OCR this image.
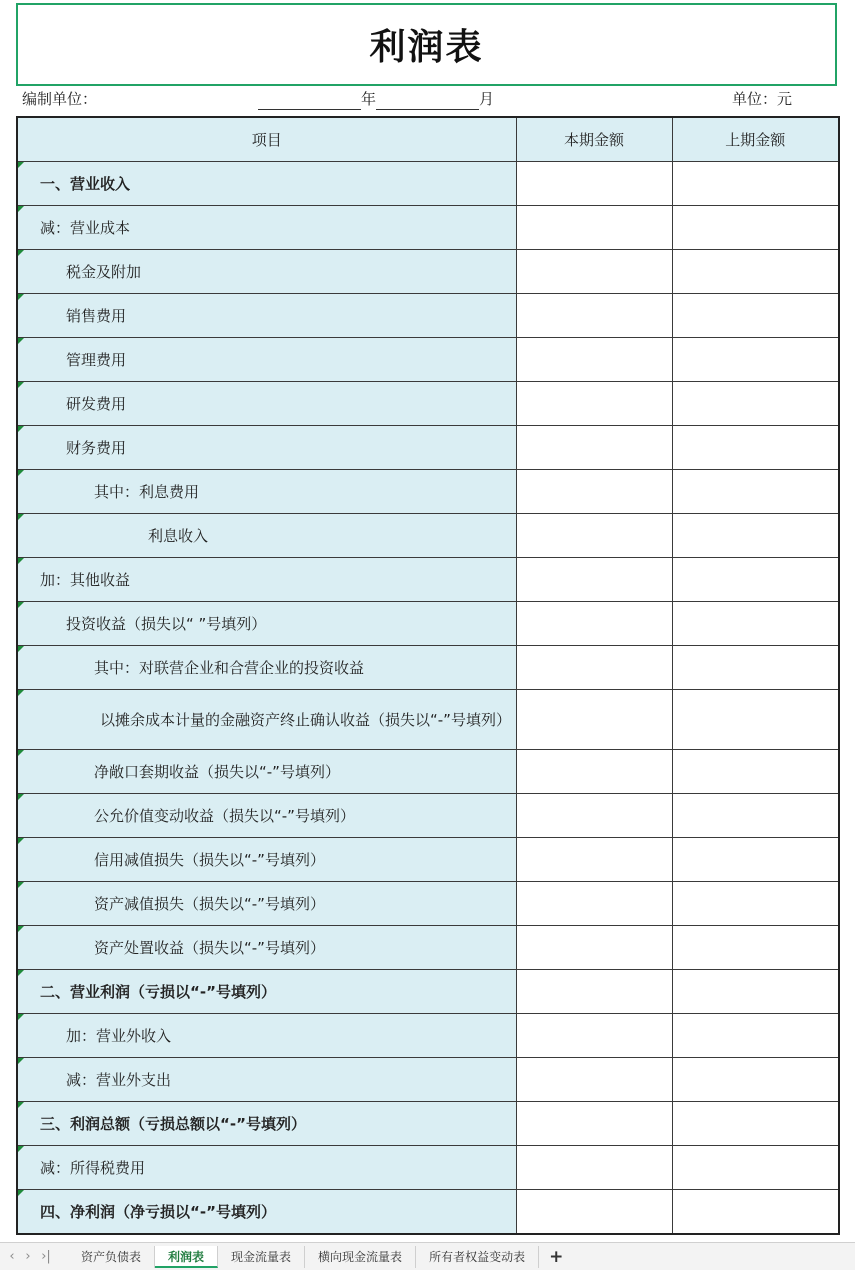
利润表
编制单位：	年	月	单位：元
项目	本期金额	上期金额
一、营业收入		
减：营业成本		
税金及附加		
销售费用		
管理费用		
研发费用		
财务费用		
其中：利息费用		
利息收入		
加：其他收益		
投资收益（损失以“ ”号填列）		
其中：对联营企业和合营企业的投资收益		
以摊余成本计量的金融资产终止确认收益（损失以“-”号填列）		
净敞口套期收益（损失以“-”号填列）		
公允价值变动收益（损失以“-”号填列）		
信用减值损失（损失以“-”号填列）		
资产减值损失（损失以“-”号填列）		
资产处置收益（损失以“-”号填列）		
二、营业利润（亏损以“-”号填列）		
加：营业外收入		
减：营业外支出		
三、利润总额（亏损总额以“-”号填列）		
减：所得税费用		
四、净利润（净亏损以“-”号填列）		
‹ › ›|	资产负债表	利润表	现金流量表	横向现金流量表	所有者权益变动表	+
